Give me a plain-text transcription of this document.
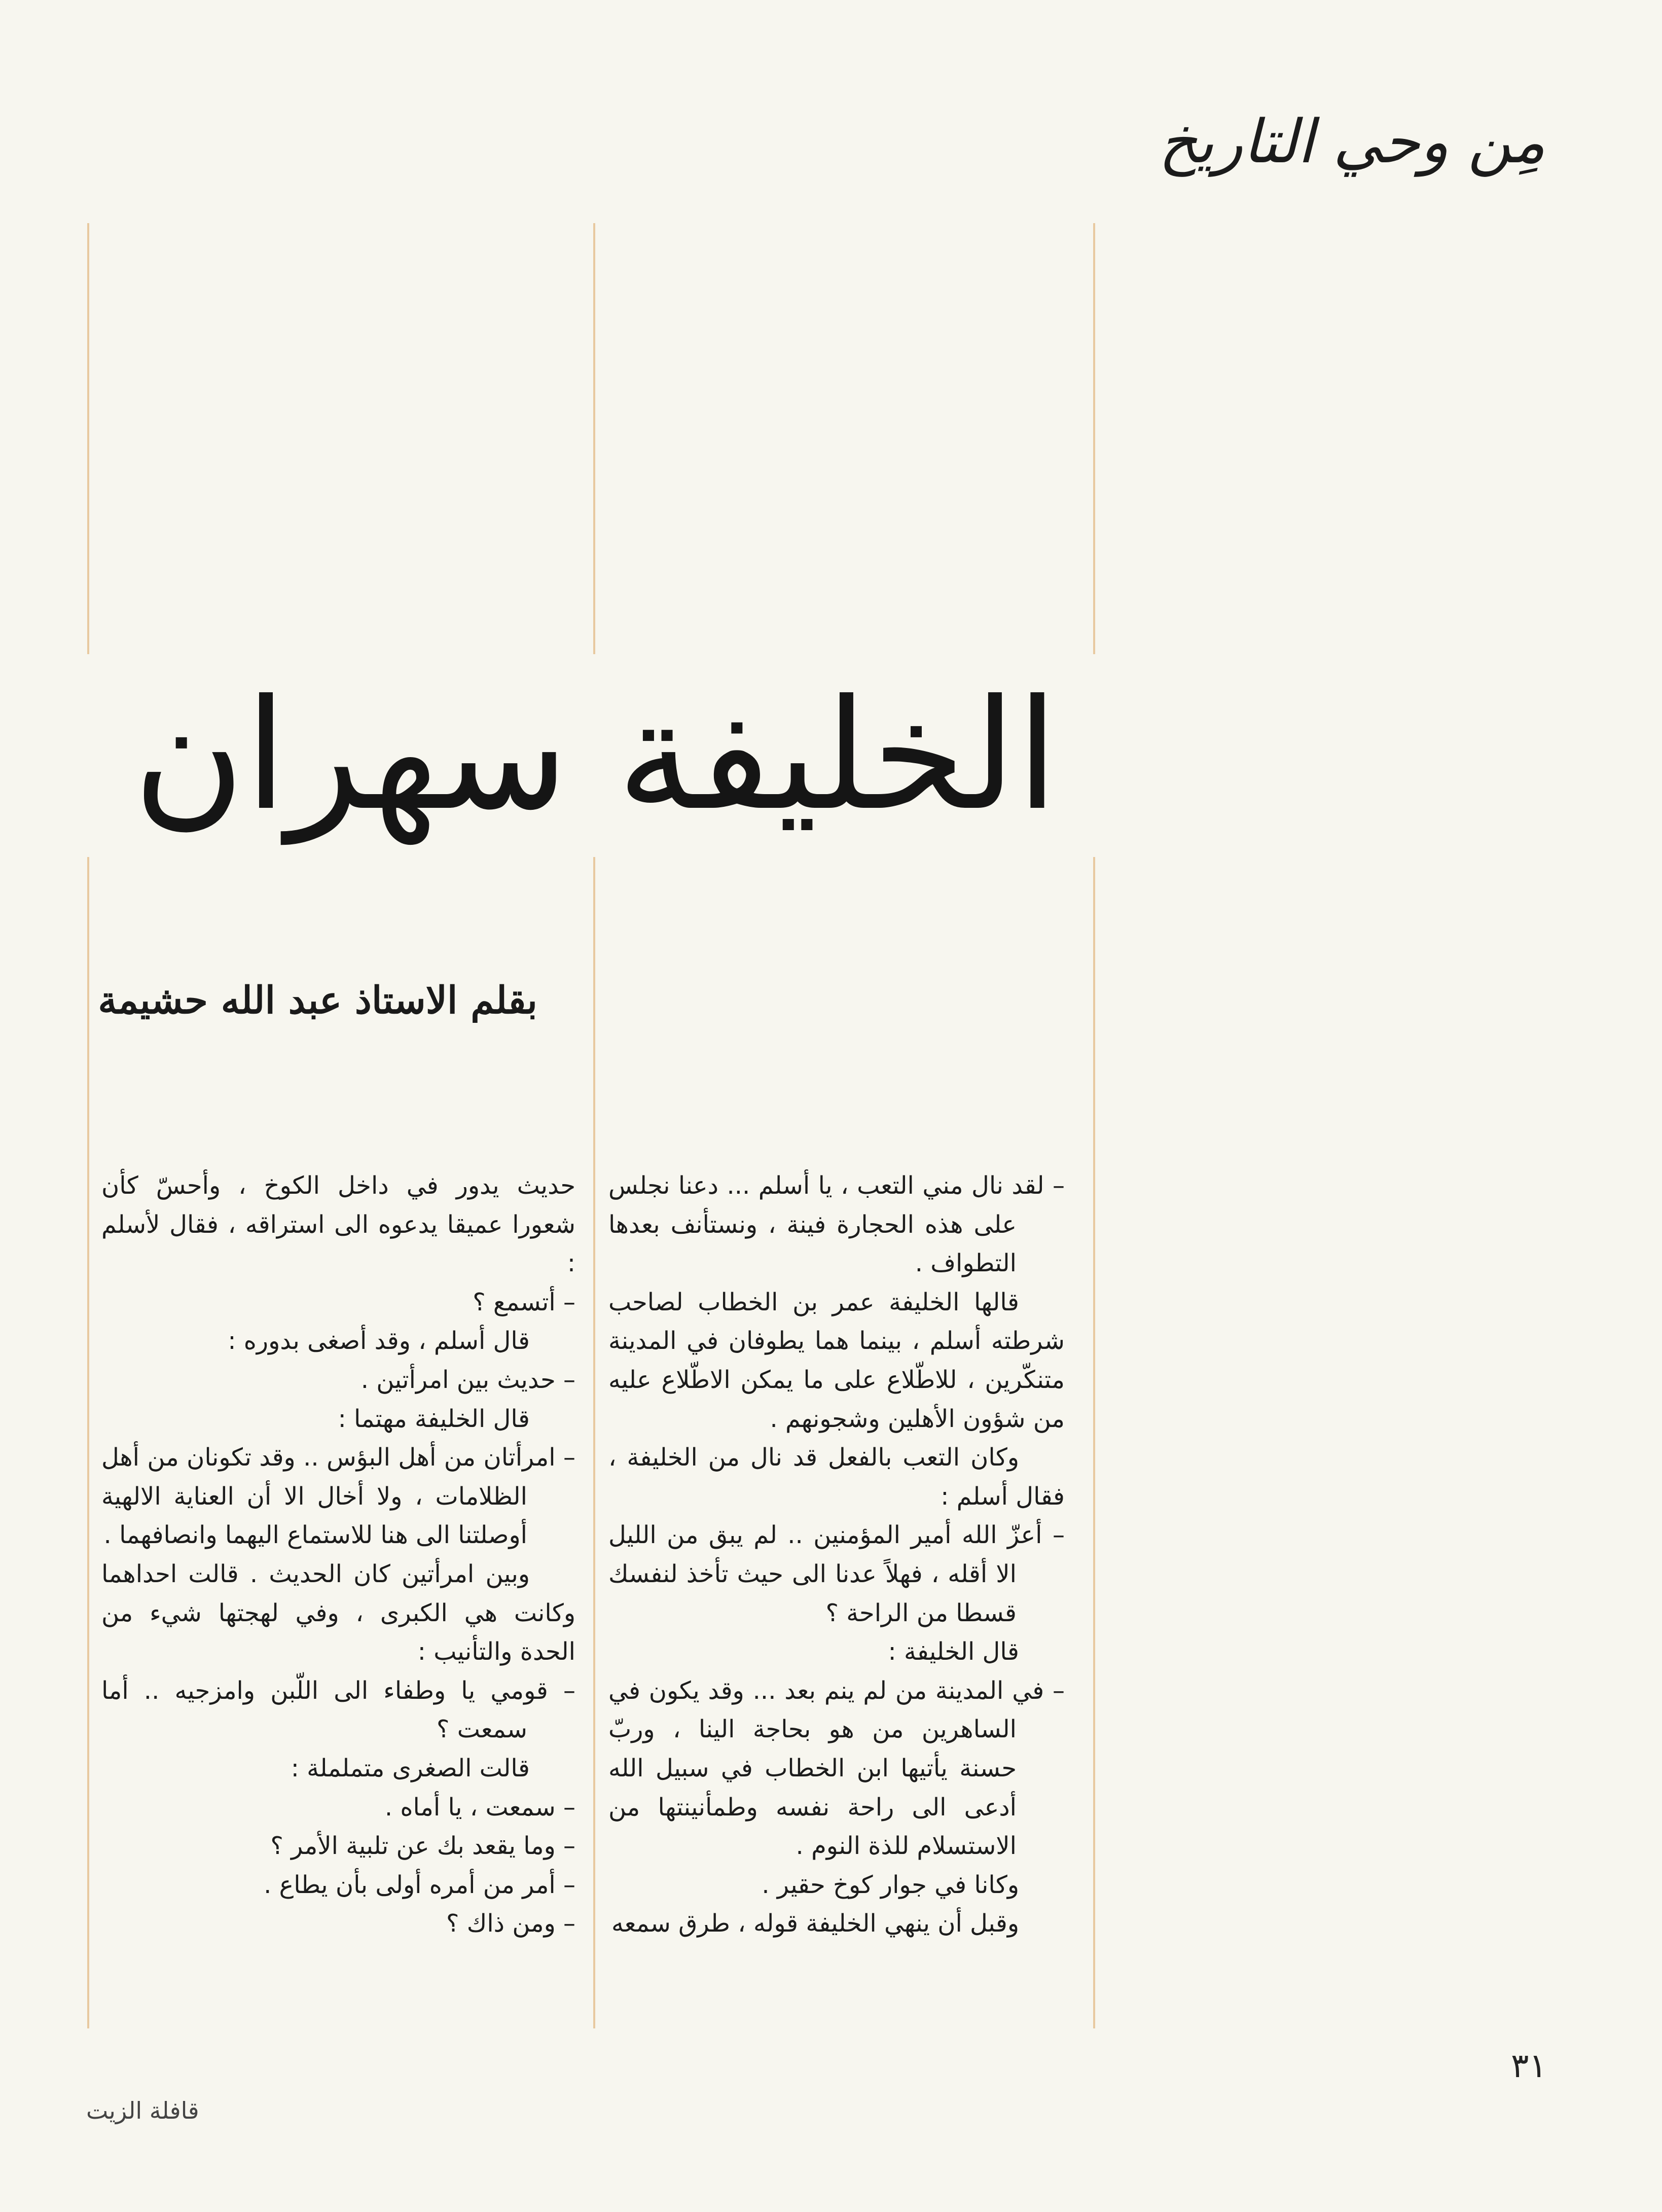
مِن وحي التاريخ
الخليفة سهران
بقلم الاستاذ عبد الله حشيمة

– لقد نال مني التعب ، يا أسلم ... دعنا نجلس على هذه الحجارة فينة ، ونستأنف بعدها التطواف .

قالها الخليفة عمر بن الخطاب لصاحب شرطته أسلم ، بينما هما يطوفان في المدينة متنكّرين ، للاطّلاع على ما يمكن الاطّلاع عليه من شؤون الأهلين وشجونهم .

وكان التعب بالفعل قد نال من الخليفة ، فقال أسلم :

– أعزّ الله أمير المؤمنين .. لم يبق من الليل الا أقله ، فهلاً عدنا الى حيث تأخذ لنفسك قسطا من الراحة ؟

قال الخليفة :

– في المدينة من لم ينم بعد ... وقد يكون في الساهرين من هو بحاجة الينا ، وربّ حسنة يأتيها ابن الخطاب في سبيل الله أدعى الى راحة نفسه وطمأنينتها من الاستسلام للذة النوم .

وكانا في جوار كوخ حقير .

وقبل أن ينهي الخليفة قوله ، طرق سمعه

حديث يدور في داخل الكوخ ، وأحسّ كأن شعورا عميقا يدعوه الى استراقه ، فقال لأسلم :

– أتسمع ؟

قال أسلم ، وقد أصغى بدوره :

– حديث بين امرأتين .

قال الخليفة مهتما :

– امرأتان من أهل البؤس .. وقد تكونان من أهل الظلامات ، ولا أخال الا أن العناية الالهية أوصلتنا الى هنا للاستماع اليهما وانصافهما .

وبين امرأتين كان الحديث . قالت احداهما وكانت هي الكبرى ، وفي لهجتها شيء من الحدة والتأنيب :

– قومي يا وطفاء الى اللّبن وامزجيه .. أما سمعت ؟

قالت الصغرى متململة :

– سمعت ، يا أماه .

– وما يقعد بك عن تلبية الأمر ؟

– أمر من أمره أولى بأن يطاع .

– ومن ذاك ؟

٣١
قافلة الزيت
